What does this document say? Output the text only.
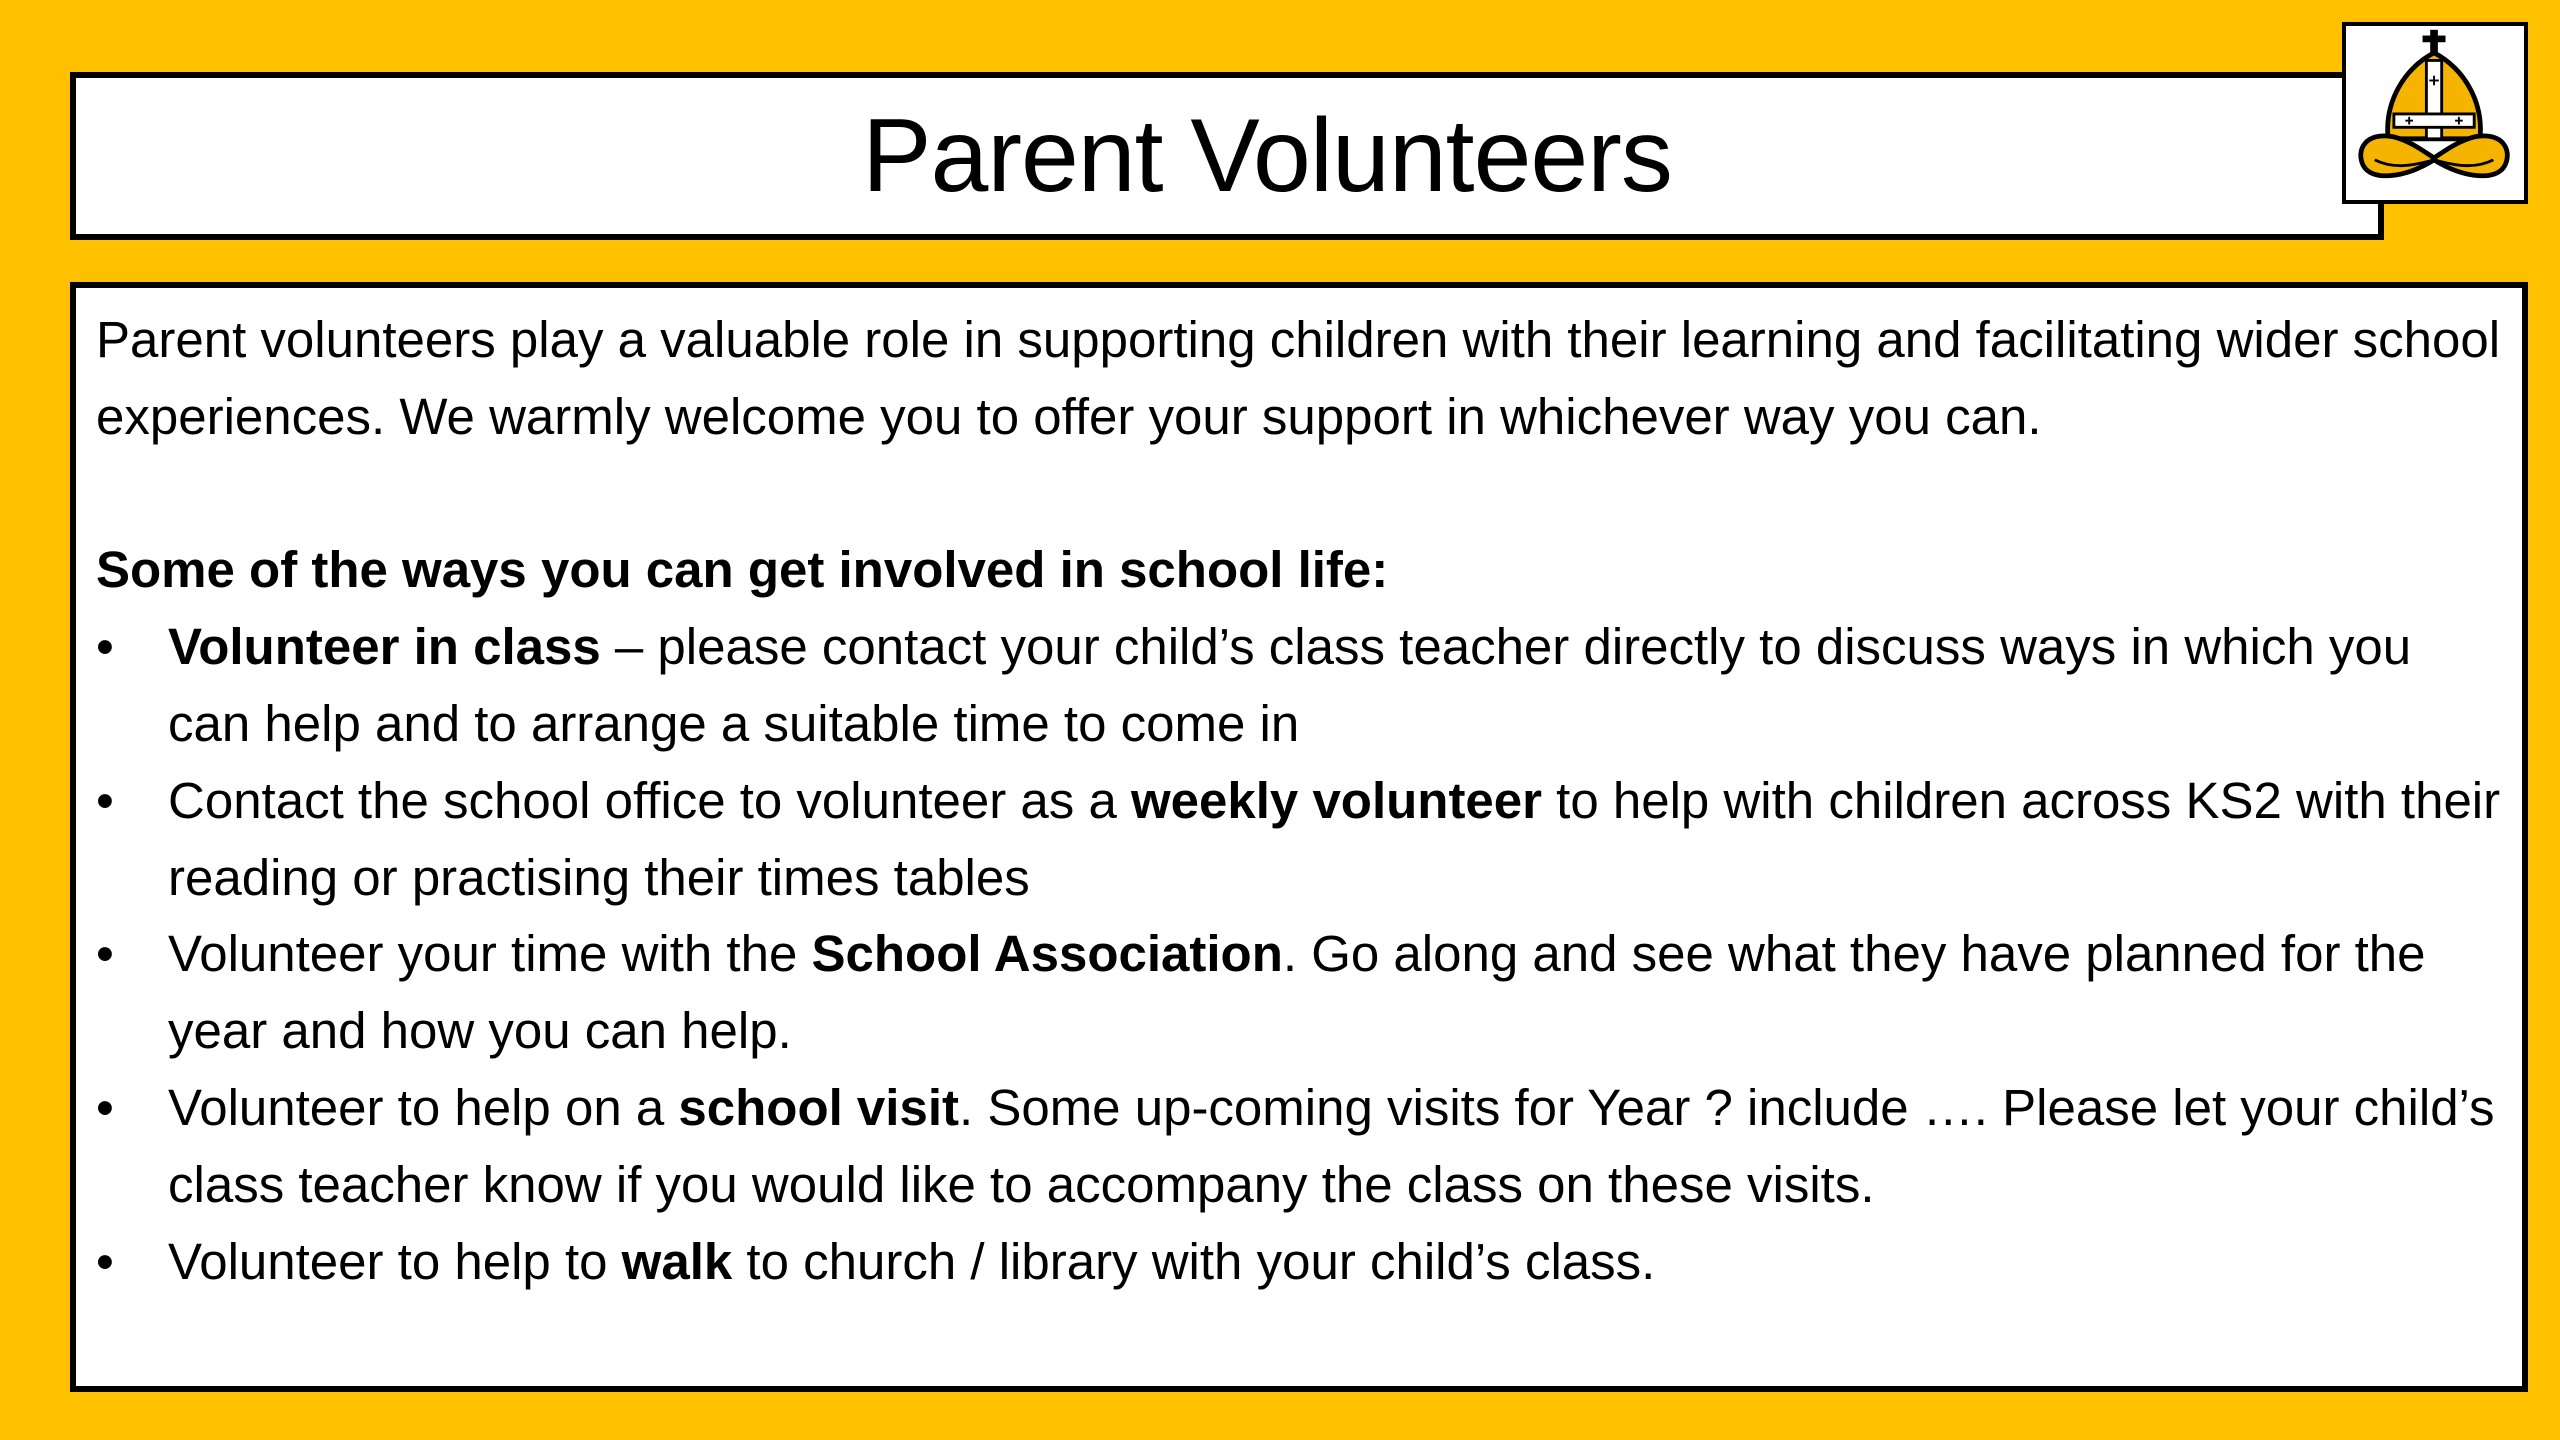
Parent Volunteers

Parent volunteers play a valuable role in supporting children with their learning and facilitating wider school experiences. We warmly welcome you to offer your support in whichever way you can.

Some of the ways you can get involved in school life:

•	Volunteer in class – please contact your child’s class teacher directly to discuss ways in which you can help and to arrange a suitable time to come in
•	Contact the school office to volunteer as a weekly volunteer to help with children across KS2 with their reading or practising their times tables
•	Volunteer your time with the School Association. Go along and see what they have planned for the year and how you can help.
•	Volunteer to help on a school visit. Some up-coming visits for Year ? include …. Please let your child’s class teacher know if you would like to accompany the class on these visits.
•	Volunteer to help to walk to church / library with your child’s class.
